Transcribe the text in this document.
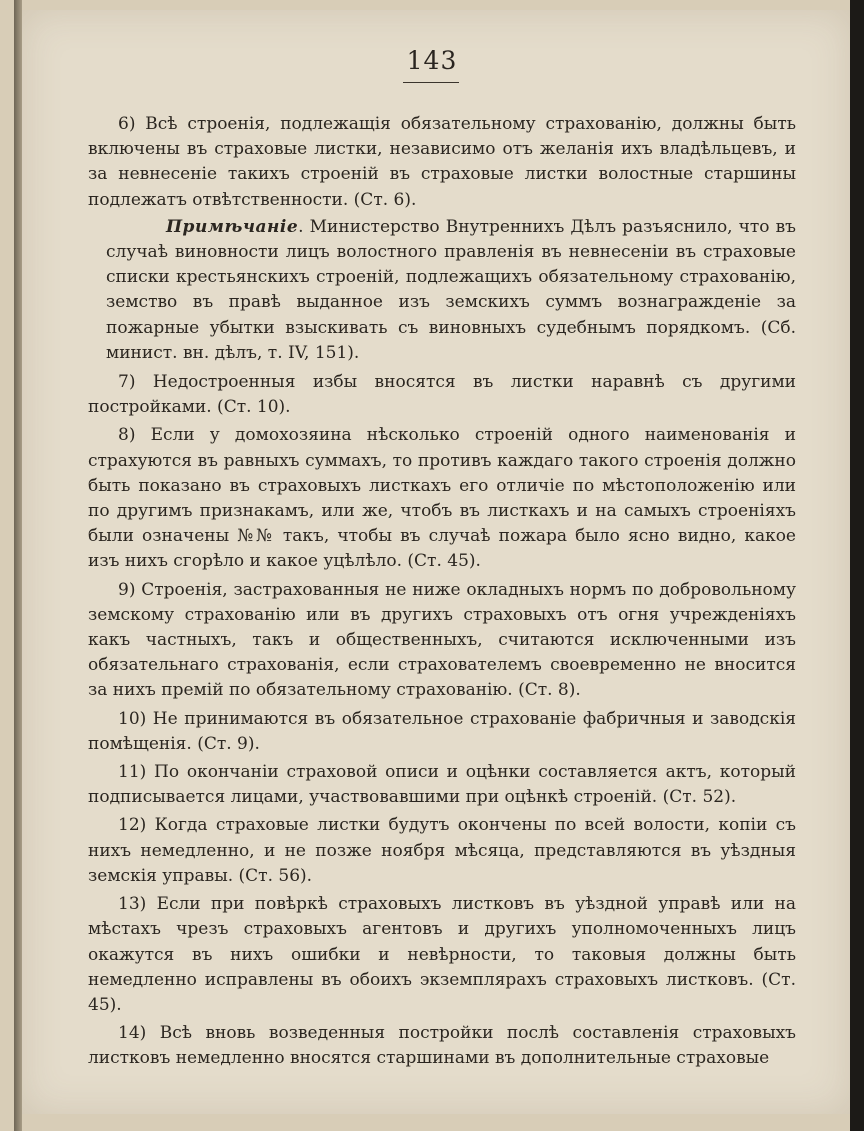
143

6) Всѣ строенія, подлежащія обязательному страхованію, должны быть включены въ страховые листки, независимо отъ желанія ихъ владѣльцевъ, и за невнесеніе такихъ строеній въ страховые листки волостные старшины подлежатъ отвѣтственности. (Ст. 6).

Примѣчаніе. Министерство Внутреннихъ Дѣлъ разъяснило, что въ случаѣ виновности лицъ волостного правленія въ невнесеніи въ страховые списки крестьянскихъ строеній, подлежащихъ обязательному страхованію, земство въ правѣ выданное изъ земскихъ суммъ вознагражденіе за пожарные убытки взыскивать съ виновныхъ судебнымъ порядкомъ. (Сб. минист. вн. дѣлъ, т. IV, 151).

7) Недостроенныя избы вносятся въ листки наравнѣ съ другими постройками. (Ст. 10).

8) Если у домохозяина нѣсколько строеній одного наименованія и страхуются въ равныхъ суммахъ, то противъ каждаго такого строенія должно быть показано въ страховыхъ листкахъ его отличіе по мѣстоположенію или по другимъ признакамъ, или же, чтобъ въ листкахъ и на самыхъ строеніяхъ были означены №№ такъ, чтобы въ случаѣ пожара было ясно видно, какое изъ нихъ сгорѣло и какое уцѣлѣло. (Ст. 45).

9) Строенія, застрахованныя не ниже окладныхъ нормъ по добровольному земскому страхованію или въ другихъ страховыхъ отъ огня учрежденіяхъ какъ частныхъ, такъ и общественныхъ, считаются исключенными изъ обязательнаго страхованія, если страхователемъ своевременно не вносится за нихъ премій по обязательному страхованію. (Ст. 8).

10) Не принимаются въ обязательное страхованіе фабричныя и заводскія помѣщенія. (Ст. 9).

11) По окончаніи страховой описи и оцѣнки составляется актъ, который подписывается лицами, участвовавшими при оцѣнкѣ строеній. (Ст. 52).

12) Когда страховые листки будутъ окончены по всей волости, копіи съ нихъ немедленно, и не позже ноября мѣсяца, представляются въ уѣздныя земскія управы. (Ст. 56).

13) Если при повѣркѣ страховыхъ листковъ въ уѣздной управѣ или на мѣстахъ чрезъ страховыхъ агентовъ и другихъ уполномоченныхъ лицъ окажутся въ нихъ ошибки и невѣрности, то таковыя должны быть немедленно исправлены въ обоихъ экземплярахъ страховыхъ листковъ. (Ст. 45).

14) Всѣ вновь возведенныя постройки послѣ составленія страховыхъ листковъ немедленно вносятся старшинами въ дополнительные страховые
